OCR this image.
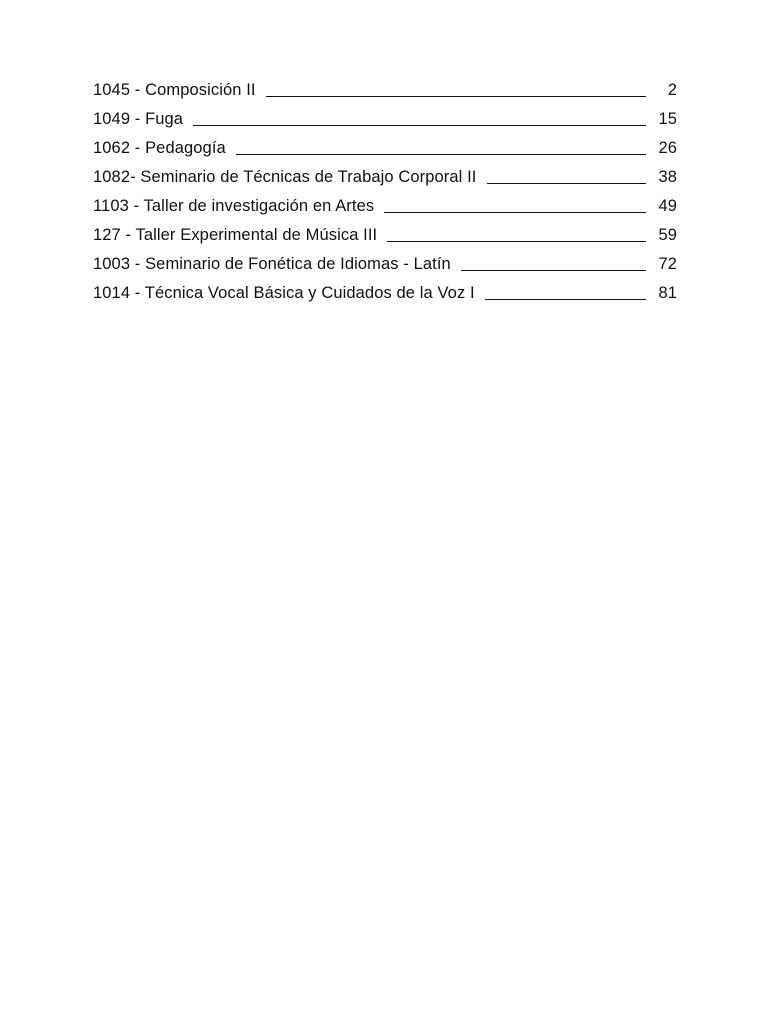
1045 - Composición II	2
1049 - Fuga	15
1062 - Pedagogía	26
1082- Seminario de Técnicas de Trabajo Corporal II	38
1103 - Taller de investigación en Artes	49
127 - Taller Experimental de Música III	59
1003 - Seminario de Fonética de Idiomas - Latín	72
1014 - Técnica Vocal Básica y Cuidados de la Voz I	81
